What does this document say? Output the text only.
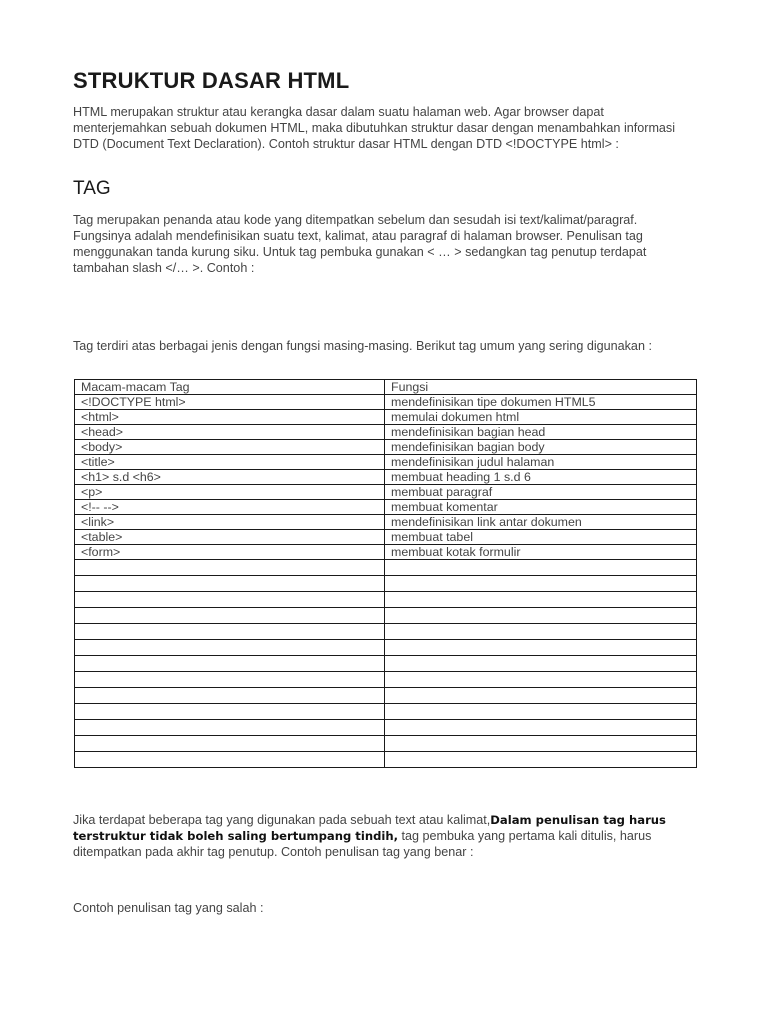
STRUKTUR DASAR HTML

HTML merupakan struktur atau kerangka dasar dalam suatu halaman web. Agar browser dapat menterjemahkan sebuah dokumen HTML, maka dibutuhkan struktur dasar dengan menambahkan informasi DTD (Document Text Declaration). Contoh struktur dasar HTML dengan DTD <!DOCTYPE html> :

TAG

Tag merupakan penanda atau kode yang ditempatkan sebelum dan sesudah isi text/kalimat/paragraf. Fungsinya adalah mendefinisikan suatu text, kalimat, atau paragraf di halaman browser. Penulisan tag menggunakan tanda kurung siku. Untuk tag pembuka gunakan < … > sedangkan tag penutup terdapat tambahan slash </… >. Contoh :

Tag terdiri atas berbagai jenis dengan fungsi masing-masing. Berikut tag umum yang sering digunakan :

Macam-macam Tag	Fungsi
<!DOCTYPE html>	mendefinisikan tipe dokumen HTML5
<html>	memulai dokumen html
<head>	mendefinisikan bagian head
<body>	mendefinisikan bagian body
<title>	mendefinisikan judul halaman
<h1> s.d <h6>	membuat heading 1 s.d 6
<p>	membuat paragraf
<!-- -->	membuat komentar
<link>	mendefinisikan link antar dokumen
<table>	membuat tabel
<form>	membuat kotak formulir

Jika terdapat beberapa tag yang digunakan pada sebuah text atau kalimat,Dalam penulisan tag harus terstruktur tidak boleh saling bertumpang tindih, tag pembuka yang pertama kali ditulis, harus ditempatkan pada akhir tag penutup. Contoh penulisan tag yang benar :

Contoh penulisan tag yang salah :
